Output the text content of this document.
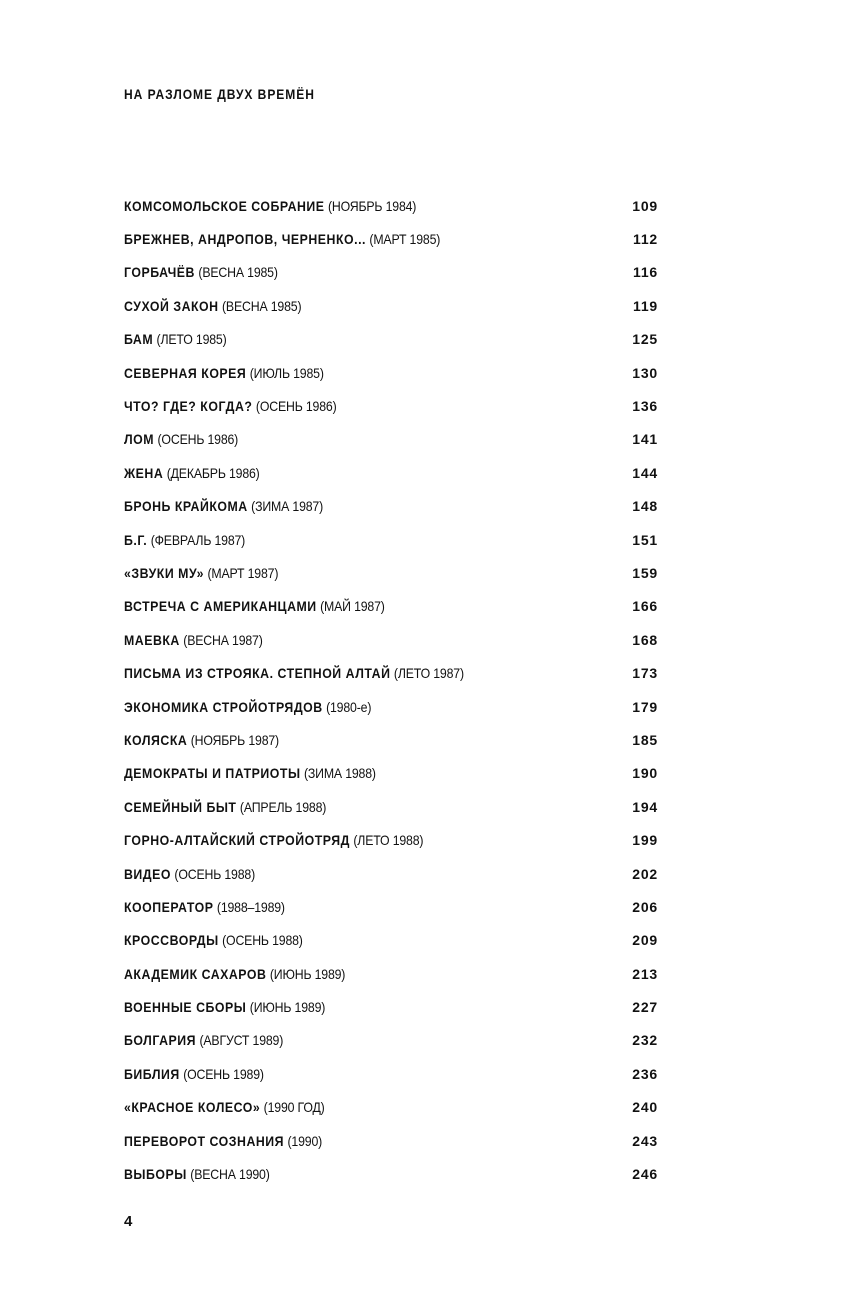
НА РАЗЛОМЕ ДВУХ ВРЕМЁН
КОМСОМОЛЬСКОЕ СОБРАНИЕ (НОЯБРЬ 1984)	109
БРЕЖНЕВ, АНДРОПОВ, ЧЕРНЕНКО... (МАРТ 1985)	112
ГОРБАЧЁВ (ВЕСНА 1985)	116
СУХОЙ ЗАКОН (ВЕСНА 1985)	119
БАМ (ЛЕТО 1985)	125
СЕВЕРНАЯ КОРЕЯ (ИЮЛЬ 1985)	130
ЧТО? ГДЕ? КОГДА? (ОСЕНЬ 1986)	136
ЛОМ (ОСЕНЬ 1986)	141
ЖЕНА (ДЕКАБРЬ 1986)	144
БРОНЬ КРАЙКОМА (ЗИМА 1987)	148
Б.Г. (ФЕВРАЛЬ 1987)	151
«ЗВУКИ МУ» (МАРТ 1987)	159
ВСТРЕЧА С АМЕРИКАНЦАМИ (МАЙ 1987)	166
МАЕВКА (ВЕСНА 1987)	168
ПИСЬМА ИЗ СТРОЯКА. СТЕПНОЙ АЛТАЙ (ЛЕТО 1987)	173
ЭКОНОМИКА СТРОЙОТРЯДОВ (1980-е)	179
КОЛЯСКА (НОЯБРЬ 1987)	185
ДЕМОКРАТЫ И ПАТРИОТЫ (ЗИМА 1988)	190
СЕМЕЙНЫЙ БЫТ (АПРЕЛЬ 1988)	194
ГОРНО-АЛТАЙСКИЙ СТРОЙОТРЯД (ЛЕТО 1988)	199
ВИДЕО (ОСЕНЬ 1988)	202
КООПЕРАТОР (1988–1989)	206
КРОССВОРДЫ (ОСЕНЬ 1988)	209
АКАДЕМИК САХАРОВ (ИЮНЬ 1989)	213
ВОЕННЫЕ СБОРЫ (ИЮНЬ 1989)	227
БОЛГАРИЯ (АВГУСТ 1989)	232
БИБЛИЯ (ОСЕНЬ 1989)	236
«КРАСНОЕ КОЛЕСО» (1990 ГОД)	240
ПЕРЕВОРОТ СОЗНАНИЯ (1990)	243
ВЫБОРЫ (ВЕСНА 1990)	246
4
